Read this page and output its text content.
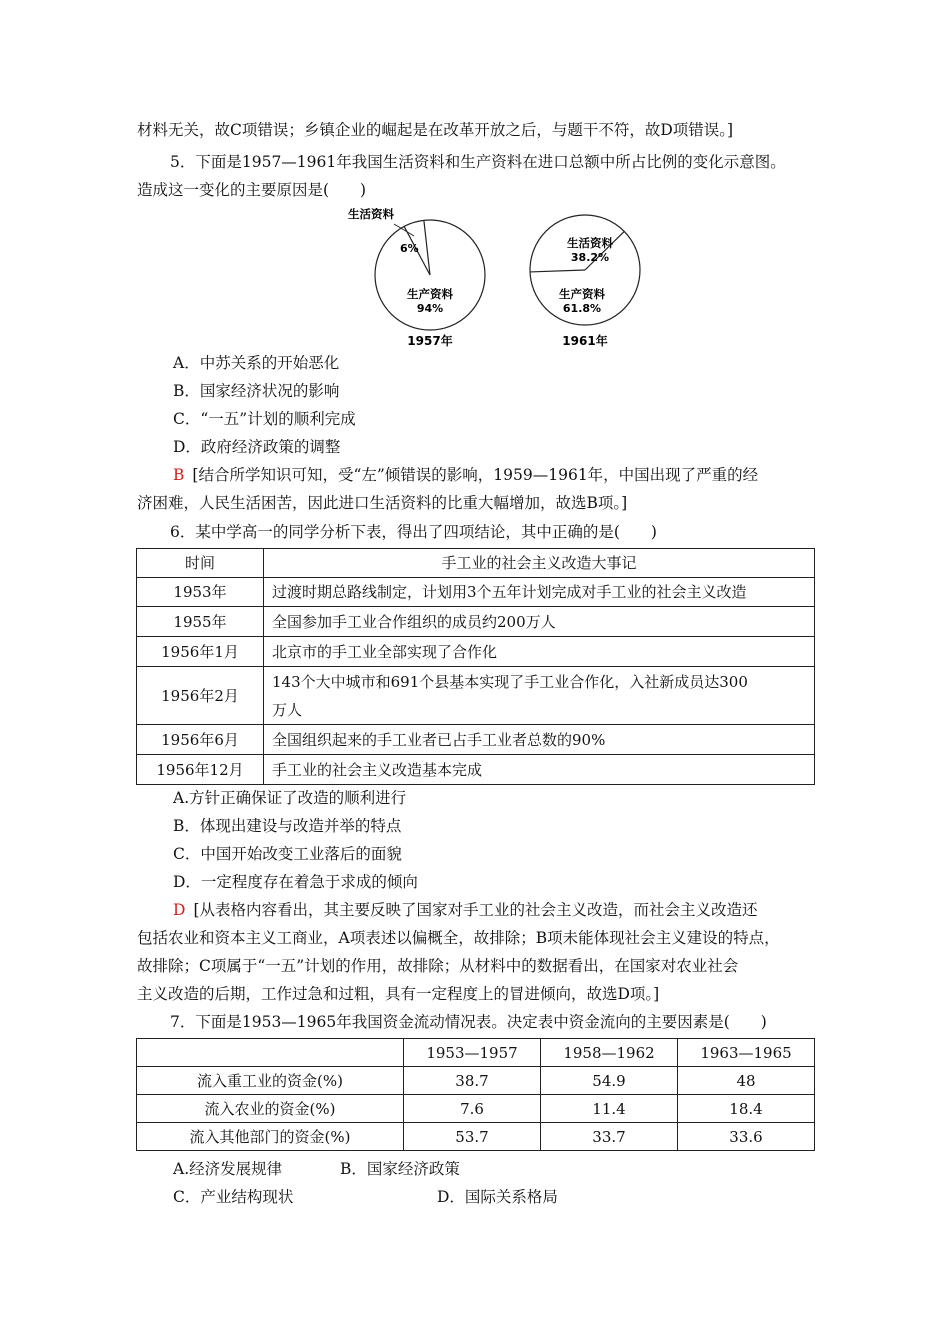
材料无关，故C项错误；乡镇企业的崛起是在改革开放之后，与题干不符，故D项错误。]
5．下面是1957—1961年我国生活资料和生产资料在进口总额中所占比例的变化示意图。
造成这一变化的主要原因是(　　)
生活资料
6%
生产资料
94%
1957年
生活资料
38.2%
生产资料
61.8%
1961年
A．中苏关系的开始恶化
B．国家经济状况的影响
C．“一五”计划的顺利完成
D．政府经济政策的调整
B [结合所学知识可知，受“左”倾错误的影响，1959—1961年，中国出现了严重的经
济困难，人民生活困苦，因此进口生活资料的比重大幅增加，故选B项。]
6．某中学高一的同学分析下表，得出了四项结论，其中正确的是(　　)
时间	手工业的社会主义改造大事记
1953年	过渡时期总路线制定，计划用3个五年计划完成对手工业的社会主义改造
1955年	全国参加手工业合作组织的成员约200万人
1956年1月	北京市的手工业全部实现了合作化
1956年2月	143个大中城市和691个县基本实现了手工业合作化，入社新成员达300
万人

1956年6月	全国组织起来的手工业者已占手工业者总数的90%
1956年12月	手工业的社会主义改造基本完成
A.方针正确保证了改造的顺利进行
B．体现出建设与改造并举的特点
C．中国开始改变工业落后的面貌
D．一定程度存在着急于求成的倾向
D [从表格内容看出，其主要反映了国家对手工业的社会主义改造，而社会主义改造还
包括农业和资本主义工商业，A项表述以偏概全，故排除；B项未能体现社会主义建设的特点，
故排除；C项属于“一五”计划的作用，故排除；从材料中的数据看出，在国家对农业社会
主义改造的后期，工作过急和过粗，具有一定程度上的冒进倾向，故选D项。]
7．下面是1953—1965年我国资金流动情况表。决定表中资金流向的主要因素是(　　)
	1953—1957	1958—1962	1963—1965
流入重工业的资金(%)	38.7	54.9	48
流入农业的资金(%)	7.6	11.4	18.4
流入其他部门的资金(%)	53.7	33.7	33.6
A.经济发展规律	B．国家经济政策
C．产业结构现状	D．国际关系格局
